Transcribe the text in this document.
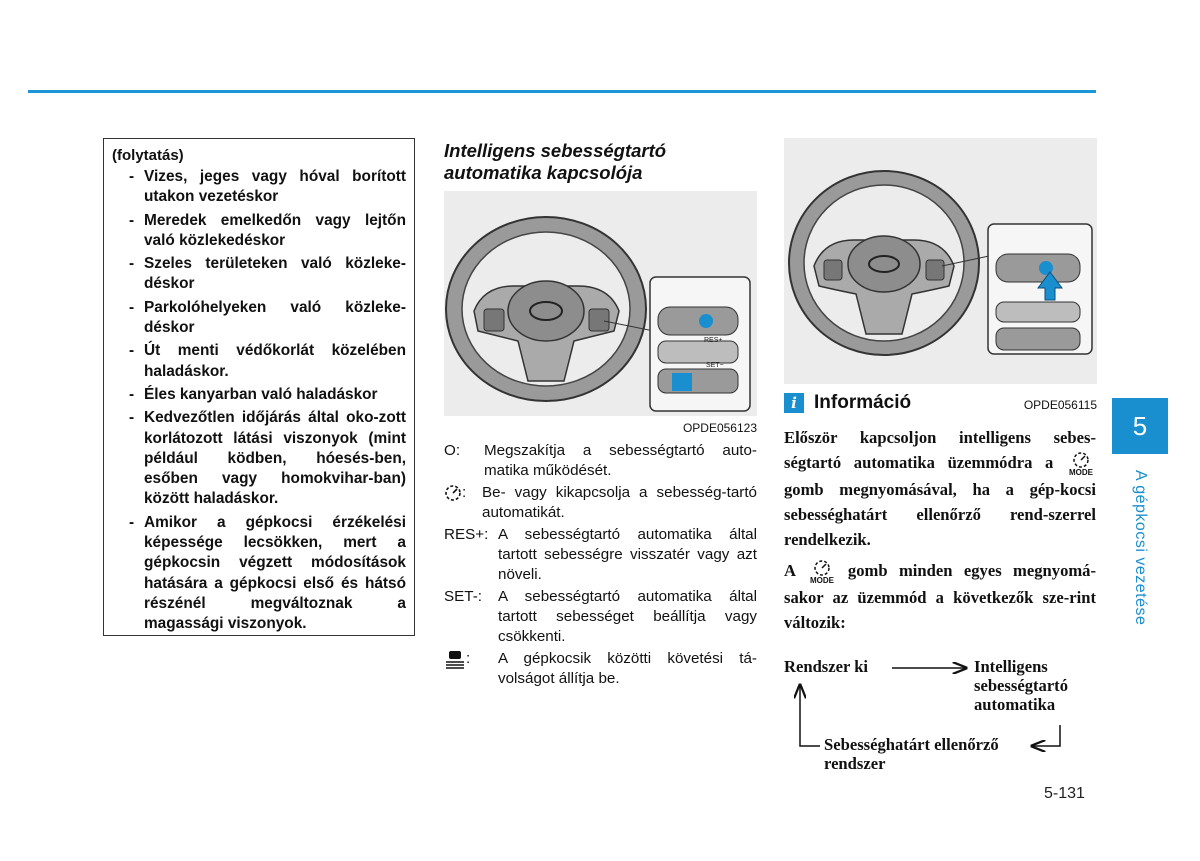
(folytatás)
- Vizes, jeges vagy hóval borított utakon vezetéskor
- Meredek emelkedőn vagy lejtőn való közlekedéskor
- Szeles területeken való közleke-déskor
- Parkolóhelyeken való közleke-déskor
- Út menti védőkorlát közelében haladáskor.
- Éles kanyarban való haladáskor
- Kedvezőtlen időjárás által oko-zott korlátozott látási viszonyok (mint például ködben, hóesés-ben, esőben vagy homokvihar-ban) között haladáskor.
- Amikor a gépkocsi érzékelési képessége lecsökken, mert a gépkocsin végzett módosítások hatására a gépkocsi első és hátsó részénél megváltoznak a magassági viszonyok.
Intelligens sebességtartó automatika kapcsolója
RES+
SET−
OPDE056123
O:	Megszakítja a sebességtartó auto-matika működését.
:	Be- vagy kikapcsolja a sebesség-tartó automatikát.
RES+: A sebességtartó automatika által tartott sebességre visszatér vagy azt növeli.
SET-:	A sebességtartó automatika által tartott sebességet beállítja vagy csökkenti.
:	A gépkocsik közötti követési tá-volságot állítja be.
OPDE056115
i Információ

Először kapcsoljon intelligens sebes-ségtartó automatika üzemmódra a
MODE
gomb megnyomásával, ha a gép-kocsi sebességhatárt ellenőrző rend-szerrel rendelkezik.

A
MODE
gomb minden egyes megnyomá-sakor az üzemmód a következők sze-rint változik:

Rendszer ki	Intelligens
sebességtartó
automatika
Sebességhatárt ellenőrző
rendszer
5
A gépkocsi vezetése
5-131
